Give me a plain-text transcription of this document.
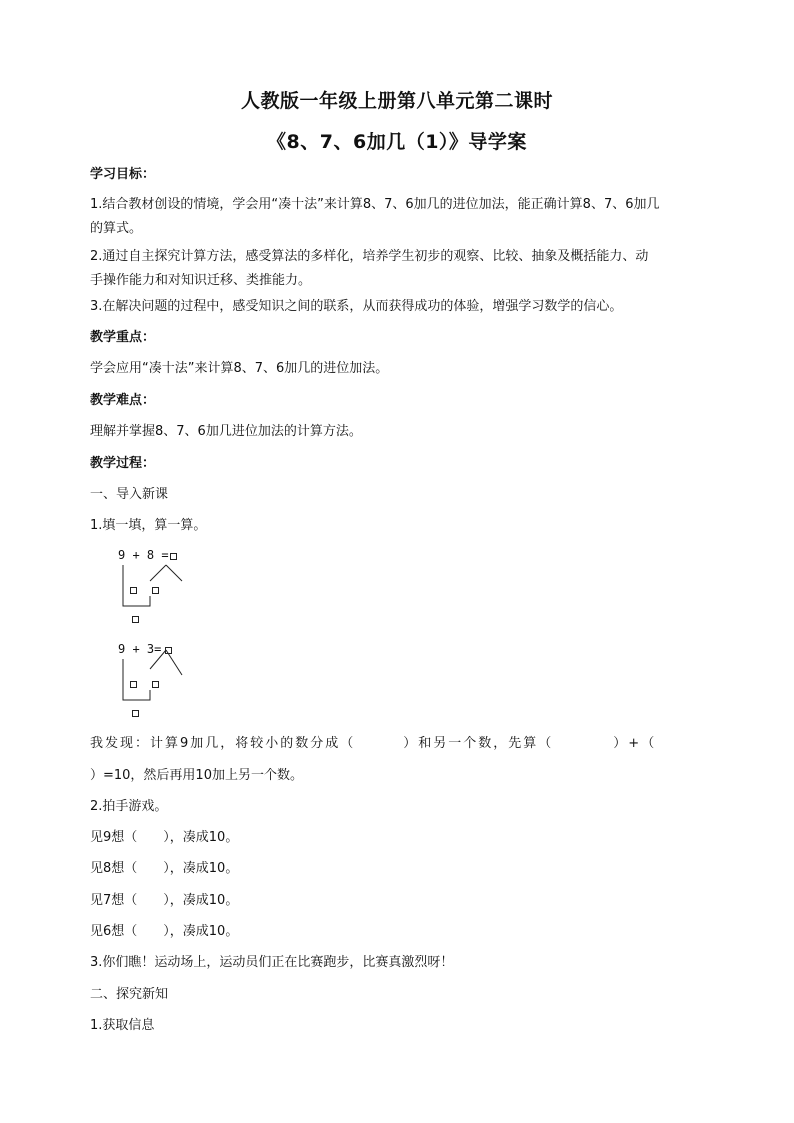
人教版一年级上册第八单元第二课时
《8、7、6加几（1）》导学案
学习目标：
1.结合教材创设的情境，学会用“凑十法”来计算8、7、6加几的进位加法，能正确计算8、7、6加几
的算式。
2.通过自主探究计算方法，感受算法的多样化，培养学生初步的观察、比较、抽象及概括能力、动
手操作能力和对知识迁移、类推能力。
3.在解决问题的过程中，感受知识之间的联系，从而获得成功的体验，增强学习数学的信心。
教学重点：
学会应用“凑十法”来计算8、7、6加几的进位加法。
教学难点：
理解并掌握8、7、6加几进位加法的计算方法。
教学过程：
一、导入新课
1.填一填，算一算。
9 + 8 =
9 + 3=
我发现：计算9加几，将较小的数分成（	）和另一个数，先算（	）+（
）=10，然后再用10加上另一个数。
2.拍手游戏。
见9想（　　），凑成10。
见8想（　　），凑成10。
见7想（　　），凑成10。
见6想（　　），凑成10。
3.你们瞧！运动场上，运动员们正在比赛跑步，比赛真激烈呀！
二、探究新知
1.获取信息
